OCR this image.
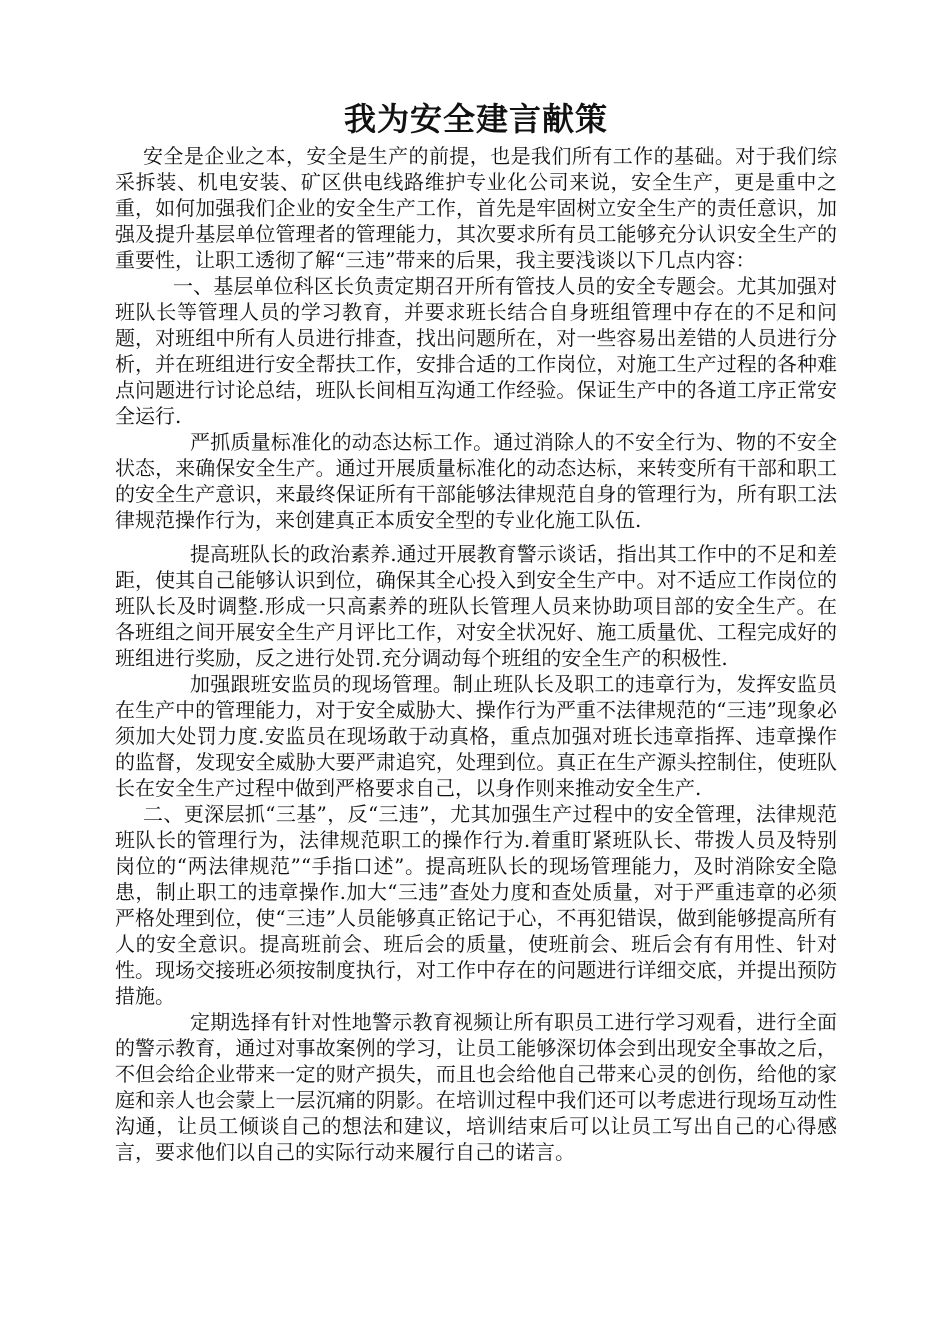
我为安全建言献策

安全是企业之本，安全是生产的前提，也是我们所有工作的基础。对于我们综采拆装、机电安装、矿区供电线路维护专业化公司来说，安全生产，更是重中之重，如何加强我们企业的安全生产工作，首先是牢固树立安全生产的责任意识，加强及提升基层单位管理者的管理能力，其次要求所有员工能够充分认识安全生产的重要性，让职工透彻了解“三违”带来的后果，我主要浅谈以下几点内容：

一、基层单位科区长负责定期召开所有管技人员的安全专题会。尤其加强对班队长等管理人员的学习教育，并要求班长结合自身班组管理中存在的不足和问题，对班组中所有人员进行排查，找出问题所在，对一些容易出差错的人员进行分析，并在班组进行安全帮扶工作，安排合适的工作岗位，对施工生产过程的各种难点问题进行讨论总结，班队长间相互沟通工作经验。保证生产中的各道工序正常安全运行.

严抓质量标准化的动态达标工作。通过消除人的不安全行为、物的不安全状态，来确保安全生产。通过开展质量标准化的动态达标，来转变所有干部和职工的安全生产意识，来最终保证所有干部能够法律规范自身的管理行为，所有职工法律规范操作行为，来创建真正本质安全型的专业化施工队伍.

提高班队长的政治素养.通过开展教育警示谈话，指出其工作中的不足和差距，使其自己能够认识到位，确保其全心投入到安全生产中。对不适应工作岗位的班队长及时调整.形成一只高素养的班队长管理人员来协助项目部的安全生产。在各班组之间开展安全生产月评比工作，对安全状况好、施工质量优、工程完成好的班组进行奖励，反之进行处罚.充分调动每个班组的安全生产的积极性.

加强跟班安监员的现场管理。制止班队长及职工的违章行为，发挥安监员在生产中的管理能力，对于安全威胁大、操作行为严重不法律规范的“三违”现象必须加大处罚力度.安监员在现场敢于动真格，重点加强对班长违章指挥、违章操作的监督，发现安全威胁大要严肃追究，处理到位。真正在生产源头控制住，使班队长在安全生产过程中做到严格要求自己，以身作则来推动安全生产.

二、更深层抓“三基”，反“三违”，尤其加强生产过程中的安全管理，法律规范班队长的管理行为，法律规范职工的操作行为.着重盯紧班队长、带拨人员及特别岗位的“两法律规范”“手指口述”。提高班队长的现场管理能力，及时消除安全隐患，制止职工的违章操作.加大“三违”查处力度和查处质量，对于严重违章的必须严格处理到位，使“三违”人员能够真正铭记于心，不再犯错误，做到能够提高所有人的安全意识。提高班前会、班后会的质量，使班前会、班后会有有用性、针对性。现场交接班必须按制度执行，对工作中存在的问题进行详细交底，并提出预防措施。

定期选择有针对性地警示教育视频让所有职员工进行学习观看，进行全面的警示教育，通过对事故案例的学习，让员工能够深切体会到出现安全事故之后，不但会给企业带来一定的财产损失，而且也会给他自己带来心灵的创伤，给他的家庭和亲人也会蒙上一层沉痛的阴影。在培训过程中我们还可以考虑进行现场互动性沟通，让员工倾谈自己的想法和建议，培训结束后可以让员工写出自己的心得感言，要求他们以自己的实际行动来履行自己的诺言。
